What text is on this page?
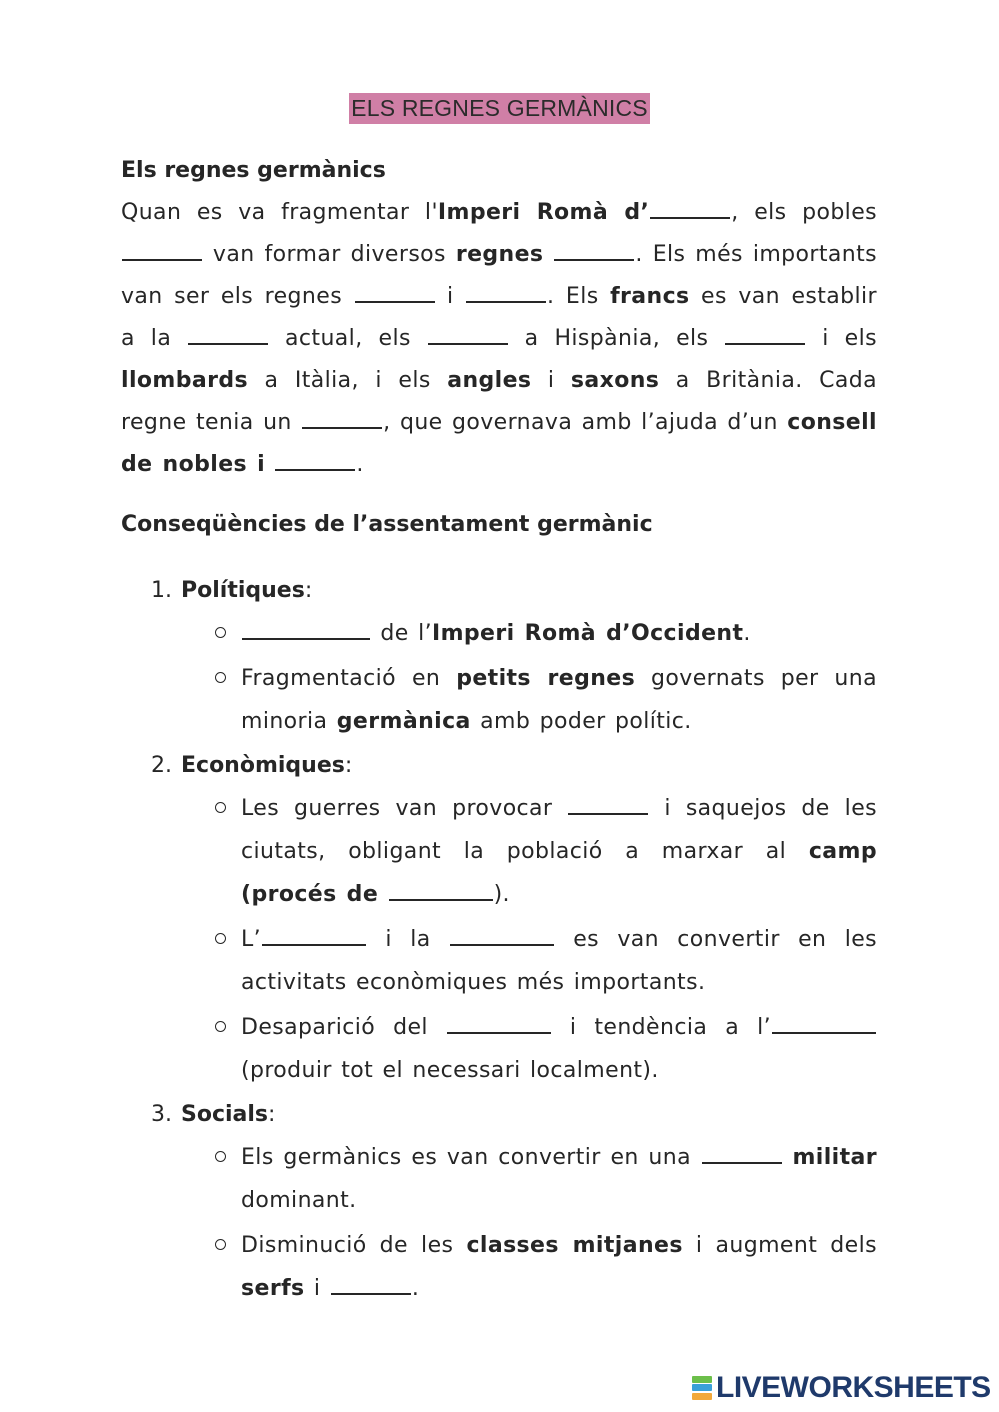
ELS REGNES GERMÀNICS

Els regnes germànics

Quan es va fragmentar l'Imperi Romà d’	, els pobles  van formar diversos regnes	. Els més importants van ser els regnes	i	. Els francs es van establir a la	actual, els	a Hispània, els	i els llombards a Itàlia, i els angles i saxons a Britània. Cada regne tenia un	, que governava amb l’ajuda d’un consell de nobles i	.

Conseqüències de l’assentament germànic

1. Polítiques:
de l’Imperi Romà d’Occident.
Fragmentació en petits regnes governats per una minoria germànica amb poder polític.
2. Econòmiques:
Les guerres van provocar	i saquejos de les ciutats, obligant la població a marxar al camp (procés de	).
L’	i la	es van convertir en les activitats econòmiques més importants.
Desaparició del	i tendència a l’ (produir tot el necessari localment).
3. Socials:
Els germànics es van convertir en una	militar dominant.
Disminució de les classes mitjanes i augment dels serfs i	.
LIVEWORKSHEETS
